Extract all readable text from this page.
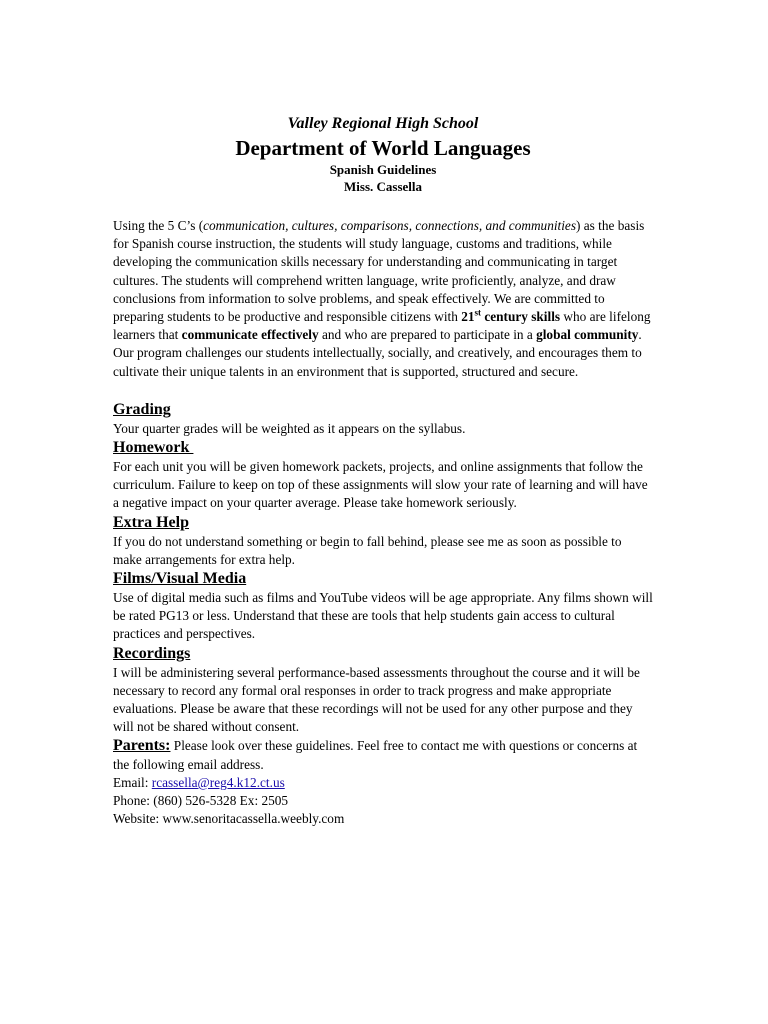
Valley Regional High School
Department of World Languages
Spanish Guidelines
Miss. Cassella

Using the 5 C’s (communication, cultures, comparisons, connections, and communities) as the basis for Spanish course instruction, the students will study language, customs and traditions, while developing the communication skills necessary for understanding and communicating in target cultures. The students will comprehend written language, write proficiently, analyze, and draw conclusions from information to solve problems, and speak effectively. We are committed to preparing students to be productive and responsible citizens with 21st century skills who are lifelong learners that communicate effectively and who are prepared to participate in a global community. Our program challenges our students intellectually, socially, and creatively, and encourages them to cultivate their unique talents in an environment that is supported, structured and secure.

Grading
Your quarter grades will be weighted as it appears on the syllabus.
Homework
For each unit you will be given homework packets, projects, and online assignments that follow the curriculum. Failure to keep on top of these assignments will slow your rate of learning and will have a negative impact on your quarter average. Please take homework seriously.
Extra Help
If you do not understand something or begin to fall behind, please see me as soon as possible to make arrangements for extra help.
Films/Visual Media
Use of digital media such as films and YouTube videos will be age appropriate. Any films shown will be rated PG13 or less. Understand that these are tools that help students gain access to cultural practices and perspectives.
Recordings
I will be administering several performance-based assessments throughout the course and it will be necessary to record any formal oral responses in order to track progress and make appropriate evaluations. Please be aware that these recordings will not be used for any other purpose and they will not be shared without consent.
Parents: Please look over these guidelines. Feel free to contact me with questions or concerns at the following email address.
Email: rcassella@reg4.k12.ct.us
Phone: (860) 526-5328 Ex: 2505
Website: www.senoritacassella.weebly.com
